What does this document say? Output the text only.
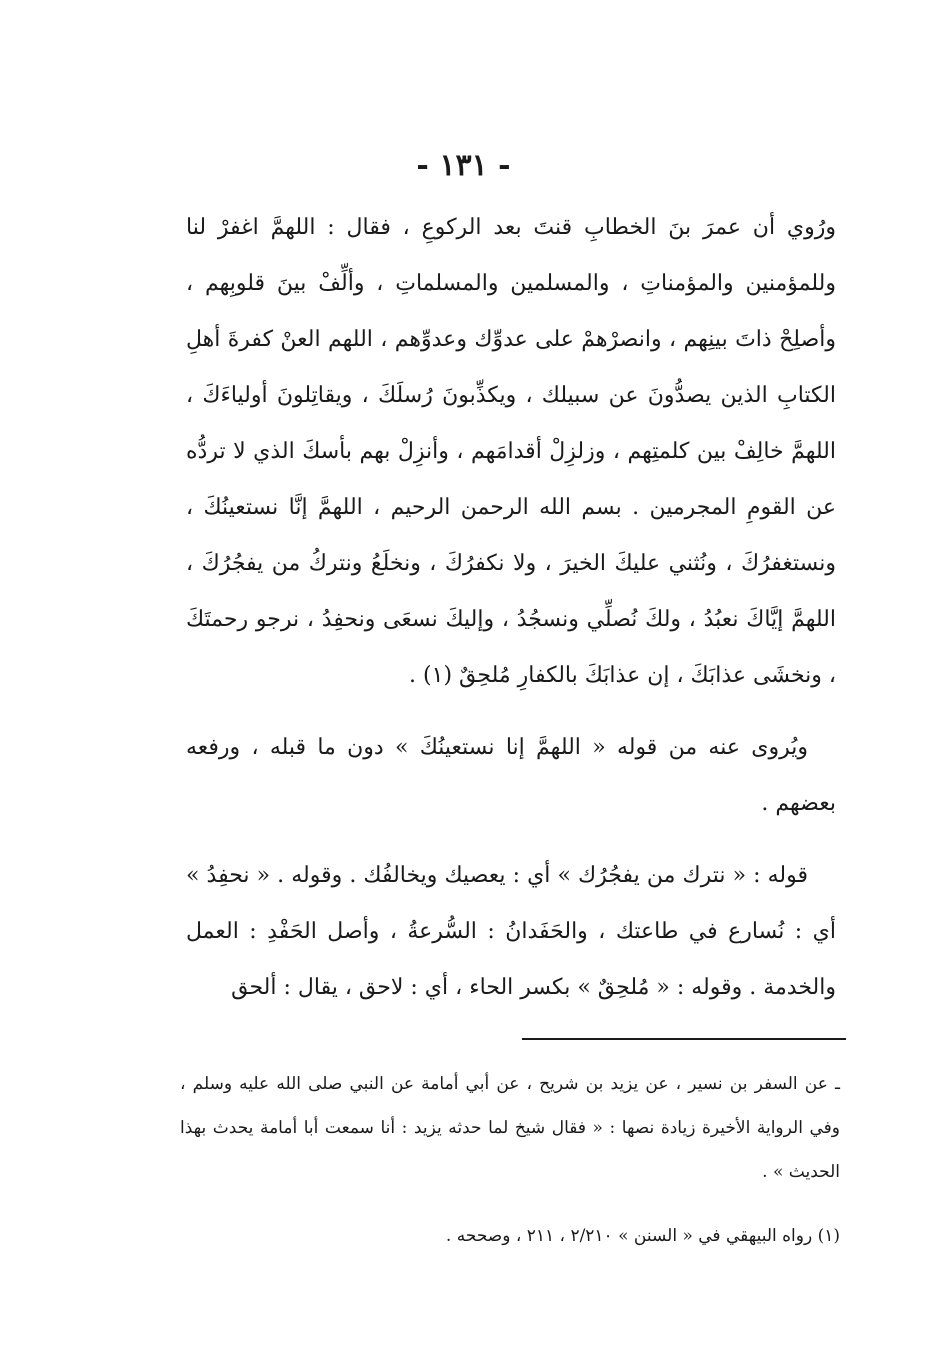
- ١٣١ -

ورُوي أن عمرَ بنَ الخطابِ قنتَ بعد الركوعِ ، فقال : اللهمَّ اغفرْ لنا وللمؤمنين والمؤمناتِ ، والمسلمين والمسلماتِ ، وألِّفْ بينَ قلوبِهم ، وأصلِحْ ذاتَ بينِهم ، وانصرْهمْ على عدوِّك وعدوِّهم ، اللهم العنْ كفرةَ أهلِ الكتابِ الذين يصدُّونَ عن سبيلك ، ويكذِّبونَ رُسلَكَ ، ويقاتِلونَ أولياءَكَ ، اللهمَّ خالِفْ بين كلمتِهم ، وزلزِلْ أقدامَهم ، وأنزِلْ بهم بأسكَ الذي لا تردُّه عن القومِ المجرمين . بسم الله الرحمن الرحيم ، اللهمَّ إنَّا نستعينُكَ ، ونستغفرُكَ ، ونُثني عليكَ الخيرَ ، ولا نكفرُكَ ، ونخلَعُ ونتركُ من يفجُرُكَ ، اللهمَّ إيَّاكَ نعبُدُ ، ولكَ نُصلِّي ونسجُدُ ، وإليكَ نسعَى ونحفِدُ ، نرجو رحمتَكَ ، ونخشَى عذابَكَ ، إن عذابَكَ بالكفارِ مُلحِقٌ (١) .

ويُروى عنه من قوله « اللهمَّ إنا نستعينُكَ » دون ما قبله ، ورفعه بعضهم .

قوله : « نترك من يفجُرُك » أي : يعصيك ويخالفُك . وقوله . « نحفِدُ » أي : نُسارع في طاعتك ، والحَفَدانُ : السُّرعةُ ، وأصل الحَفْدِ : العمل والخدمة . وقوله : « مُلحِقٌ » بكسر الحاء ، أي : لاحق ، يقال : ألحق

ـ عن السفر بن نسير ، عن يزيد بن شريح ، عن أبي أمامة عن النبي صلى الله عليه وسلم ، وفي الرواية الأخيرة زيادة نصها : « فقال شيخ لما حدثه يزيد : أنا سمعت أبا أمامة يحدث بهذا الحديث » .

(١) رواه البيهقي في « السنن » ٢/٢١٠ ، ٢١١ ، وصححه .
